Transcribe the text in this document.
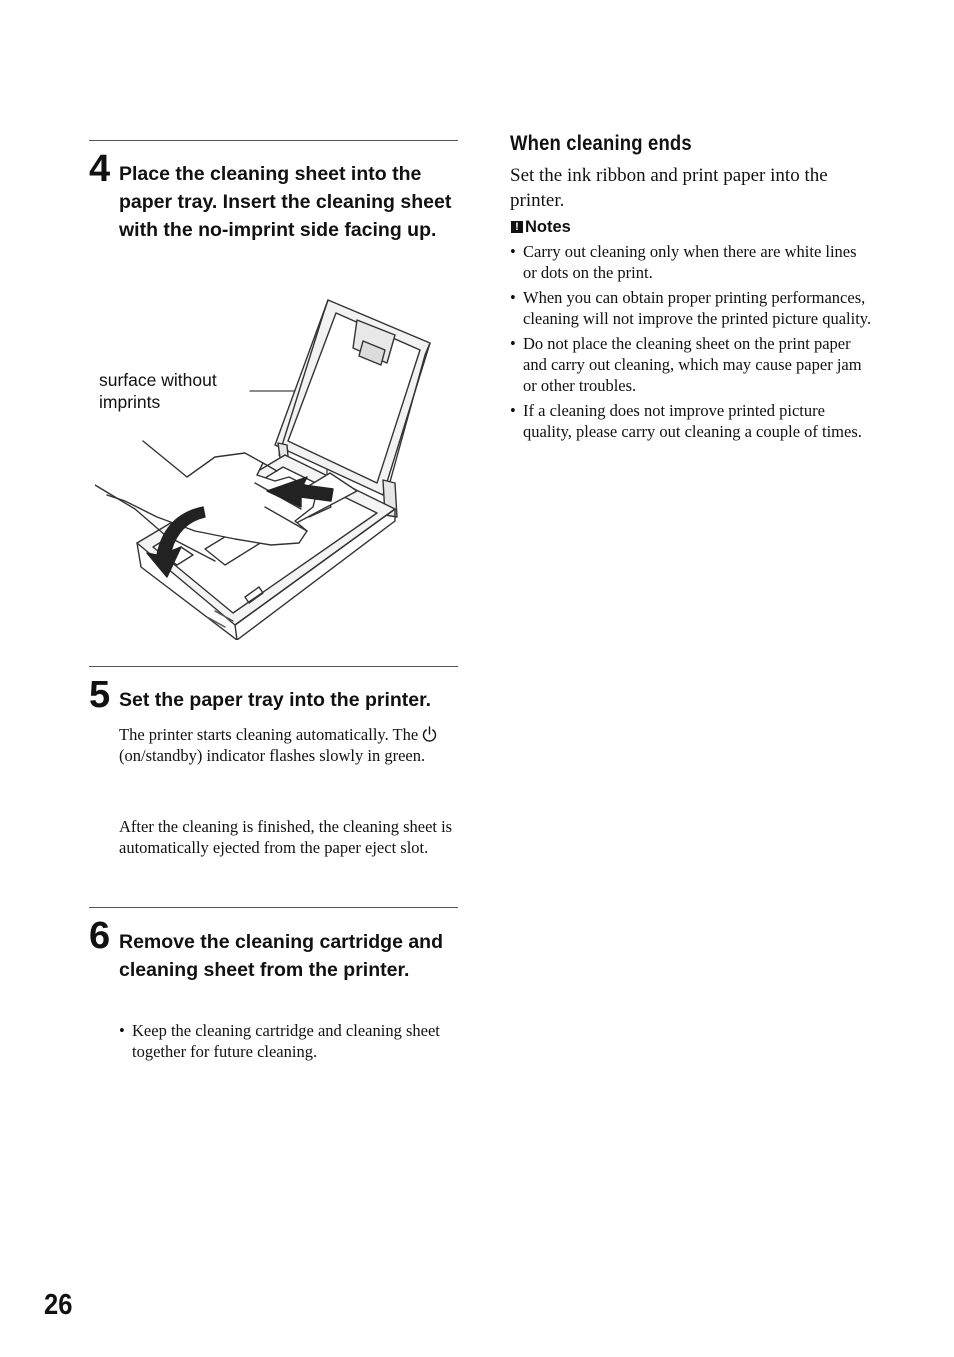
4 Place the cleaning sheet into the paper tray. Insert the cleaning sheet with the no-imprint side facing up.
surface without imprints
5 Set the paper tray into the printer.
The printer starts cleaning automatically. The  (on/standby) indicator flashes slowly in green.
After the cleaning is finished, the cleaning sheet is automatically ejected from the paper eject slot.
6 Remove the cleaning cartridge and cleaning sheet from the printer.
• Keep the cleaning cartridge and cleaning sheet together for future cleaning.
When cleaning ends
Set the ink ribbon and print paper into the printer.
! Notes
• Carry out cleaning only when there are white lines or dots on the print.
• When you can obtain proper printing performances, cleaning will not improve the printed picture quality.
• Do not place the cleaning sheet on the print paper and carry out cleaning, which may cause paper jam or other troubles.
• If a cleaning does not improve printed picture quality, please carry out cleaning a couple of times.
26
